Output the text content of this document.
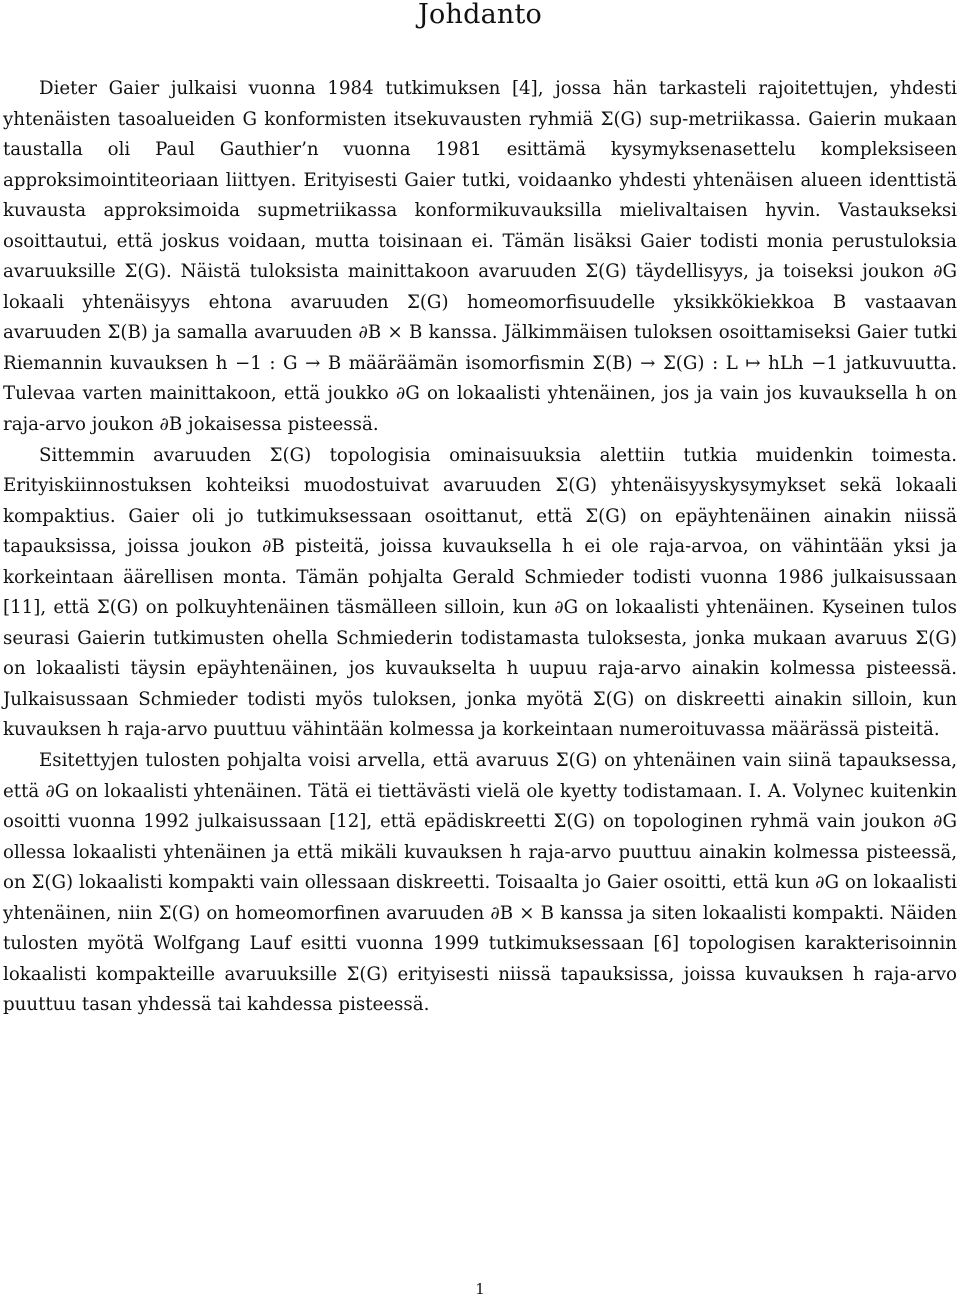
Johdanto

Dieter Gaier julkaisi vuonna 1984 tutkimuksen [4], jossa hän tarkasteli rajoitettujen, yhdesti yhtenäisten tasoalueiden G konformisten itsekuvausten ryhmiä Σ(G) sup-metriikassa. Gaierin mukaan taustalla oli Paul Gauthier’n vuonna 1981 esittämä kysymyksenasettelu kompleksiseen approksimointiteoriaan liittyen. Erityisesti Gaier tutki, voidaanko yhdesti yhtenäisen alueen identtistä kuvausta approksimoida supmetriikassa konformikuvauksilla mielivaltaisen hyvin. Vastaukseksi osoittautui, että joskus voidaan, mutta toisinaan ei. Tämän lisäksi Gaier todisti monia perustuloksia avaruuksille Σ(G). Näistä tuloksista mainittakoon avaruuden Σ(G) täydellisyys, ja toiseksi joukon ∂G lokaali yhtenäisyys ehtona avaruuden Σ(G) homeomorfisuudelle yksikkökiekkoa B vastaavan avaruuden Σ(B) ja samalla avaruuden ∂B × B kanssa. Jälkimmäisen tuloksen osoittamiseksi Gaier tutki Riemannin kuvauksen h −1 : G → B määräämän isomorfismin Σ(B) → Σ(G) : L ↦ hLh −1 jatkuvuutta. Tulevaa varten mainittakoon, että joukko ∂G on lokaalisti yhtenäinen, jos ja vain jos kuvauksella h on raja-arvo joukon ∂B jokaisessa pisteessä.

Sittemmin avaruuden Σ(G) topologisia ominaisuuksia alettiin tutkia muidenkin toimesta. Erityiskiinnostuksen kohteiksi muodostuivat avaruuden Σ(G) yhtenäisyyskysymykset sekä lokaali kompaktius. Gaier oli jo tutkimuksessaan osoittanut, että Σ(G) on epäyhtenäinen ainakin niissä tapauksissa, joissa joukon ∂B pisteitä, joissa kuvauksella h ei ole raja-arvoa, on vähintään yksi ja korkeintaan äärellisen monta. Tämän pohjalta Gerald Schmieder todisti vuonna 1986 julkaisussaan [11], että Σ(G) on polkuyhtenäinen täsmälleen silloin, kun ∂G on lokaalisti yhtenäinen. Kyseinen tulos seurasi Gaierin tutkimusten ohella Schmiederin todistamasta tuloksesta, jonka mukaan avaruus Σ(G) on lokaalisti täysin epäyhtenäinen, jos kuvaukselta h uupuu raja-arvo ainakin kolmessa pisteessä. Julkaisussaan Schmieder todisti myös tuloksen, jonka myötä Σ(G) on diskreetti ainakin silloin, kun kuvauksen h raja-arvo puuttuu vähintään kolmessa ja korkeintaan numeroituvassa määrässä pisteitä.

Esitettyjen tulosten pohjalta voisi arvella, että avaruus Σ(G) on yhtenäinen vain siinä tapauksessa, että ∂G on lokaalisti yhtenäinen. Tätä ei tiettävästi vielä ole kyetty todistamaan. I. A. Volynec kuitenkin osoitti vuonna 1992 julkaisussaan [12], että epädiskreetti Σ(G) on topologinen ryhmä vain joukon ∂G ollessa lokaalisti yhtenäinen ja että mikäli kuvauksen h raja-arvo puuttuu ainakin kolmessa pisteessä, on Σ(G) lokaalisti kompakti vain ollessaan diskreetti. Toisaalta jo Gaier osoitti, että kun ∂G on lokaalisti yhtenäinen, niin Σ(G) on homeomorfinen avaruuden ∂B × B kanssa ja siten lokaalisti kompakti. Näiden tulosten myötä Wolfgang Lauf esitti vuonna 1999 tutkimuksessaan [6] topologisen karakterisoinnin lokaalisti kompakteille avaruuksille Σ(G) erityisesti niissä tapauksissa, joissa kuvauksen h raja-arvo puuttuu tasan yhdessä tai kahdessa pisteessä.

1
